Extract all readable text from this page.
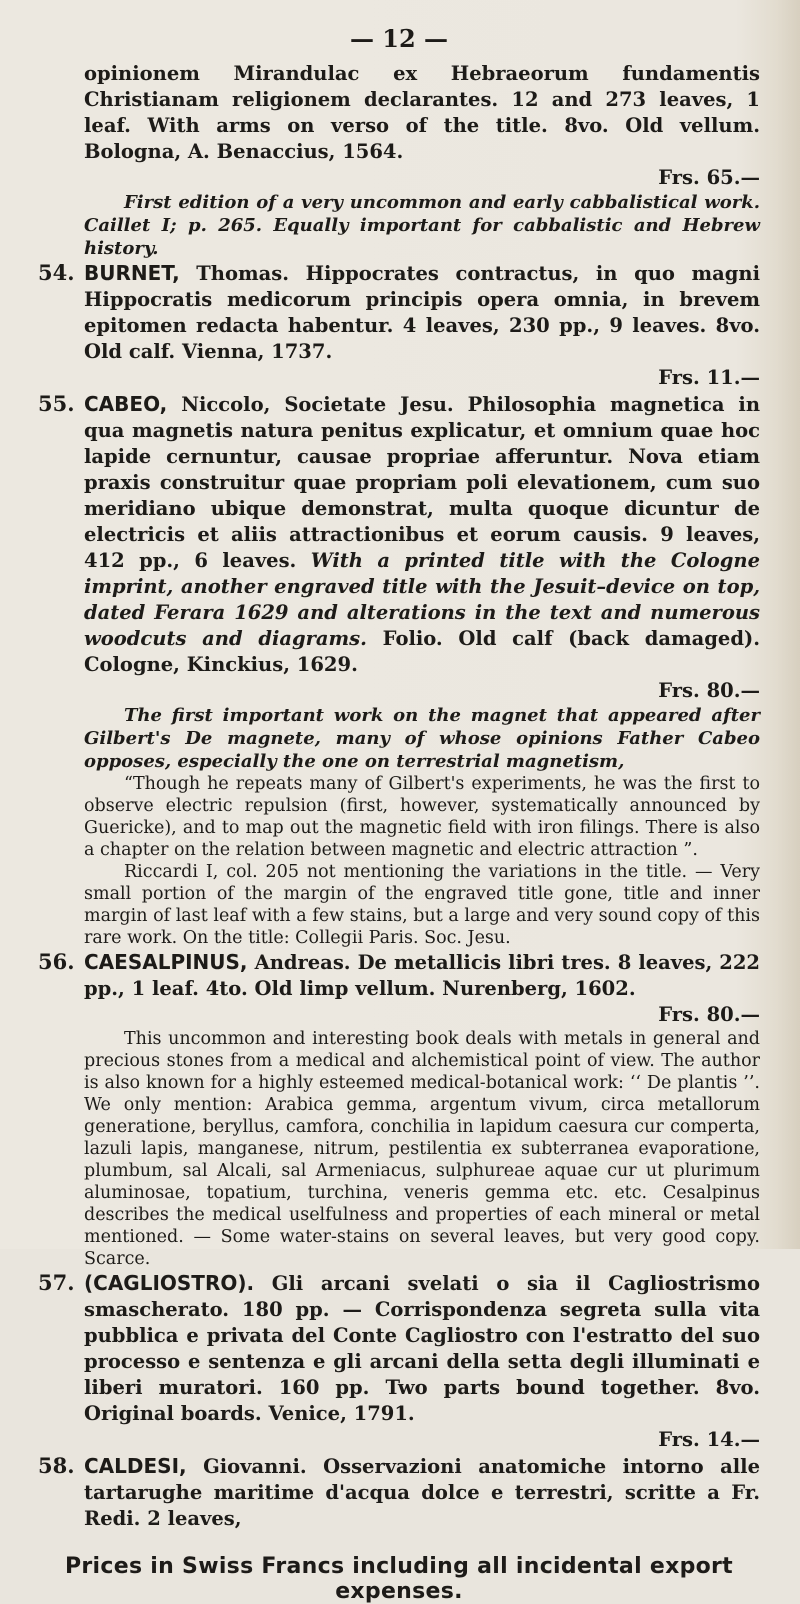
— 12 —

opinionem Mirandulac ex Hebraeorum fundamentis Christianam religionem declarantes. 12 and 273 leaves, 1 leaf. With arms on verso of the title. 8vo. Old vellum. Bologna, A. Benaccius, 1564.

Frs. 65.—

First edition of a very uncommon and early cabbalistical work. Caillet I; p. 265. Equally important for cabbalistic and Hebrew history.

54. BURNET, Thomas. Hippocrates contractus, in quo magni Hippocratis medicorum principis opera omnia, in brevem epitomen redacta habentur. 4 leaves, 230 pp., 9 leaves. 8vo. Old calf. Vienna, 1737.

Frs. 11.—

55. CABEO, Niccolo, Societate Jesu. Philosophia magnetica in qua magnetis natura penitus explicatur, et omnium quae hoc lapide cernuntur, causae propriae afferuntur. Nova etiam praxis construitur quae propriam poli elevationem, cum suo meridiano ubique demonstrat, multa quoque dicuntur de electricis et aliis attractionibus et eorum causis. 9 leaves, 412 pp., 6 leaves. With a printed title with the Cologne imprint, another engraved title with the Jesuit–device on top, dated Ferara 1629 and alterations in the text and numerous woodcuts and diagrams. Folio. Old calf (back damaged). Cologne, Kinckius, 1629.

Frs. 80.—

The first important work on the magnet that appeared after Gilbert's De magnete, many of whose opinions Father Cabeo opposes, especially the one on terrestrial magnetism,

“Though he repeats many of Gilbert's experiments, he was the first to observe electric repulsion (first, however, systematically announced by Guericke), and to map out the magnetic field with iron filings. There is also a chapter on the relation between magnetic and electric attraction ”.

Riccardi I, col. 205 not mentioning the variations in the title. — Very small portion of the margin of the engraved title gone, title and inner margin of last leaf with a few stains, but a large and very sound copy of this rare work. On the title: Collegii Paris. Soc. Jesu.

56. CAESALPINUS, Andreas. De metallicis libri tres. 8 leaves, 222 pp., 1 leaf. 4to. Old limp vellum. Nurenberg, 1602.

Frs. 80.—

This uncommon and interesting book deals with metals in general and precious stones from a medical and alchemistical point of view. The author is also known for a highly esteemed medical-botanical work: ‘‘ De plantis ’’. We only mention: Arabica gemma, argentum vivum, circa metallorum generatione, beryllus, camfora, conchilia in lapidum caesura cur comperta, lazuli lapis, manganese, nitrum, pestilentia ex subterranea evaporatione, plumbum, sal Alcali, sal Armeniacus, sulphureae aquae cur ut plurimum aluminosae, topatium, turchina, veneris gemma etc. etc. Cesalpinus describes the medical uselfulness and properties of each mineral or metal mentioned. — Some water-stains on several leaves, but very good copy. Scarce.

57. (CAGLIOSTRO). Gli arcani svelati o sia il Cagliostrismo smascherato. 180 pp. — Corrispondenza segreta sulla vita pubblica e privata del Conte Cagliostro con l'estratto del suo processo e sentenza e gli arcani della setta degli illuminati e liberi muratori. 160 pp. Two parts bound together. 8vo. Original boards. Venice, 1791.

Frs. 14.—

58. CALDESI, Giovanni. Osservazioni anatomiche intorno alle tartarughe maritime d'acqua dolce e terrestri, scritte a Fr. Redi. 2 leaves,

Prices in Swiss Francs including all incidental export expenses.
